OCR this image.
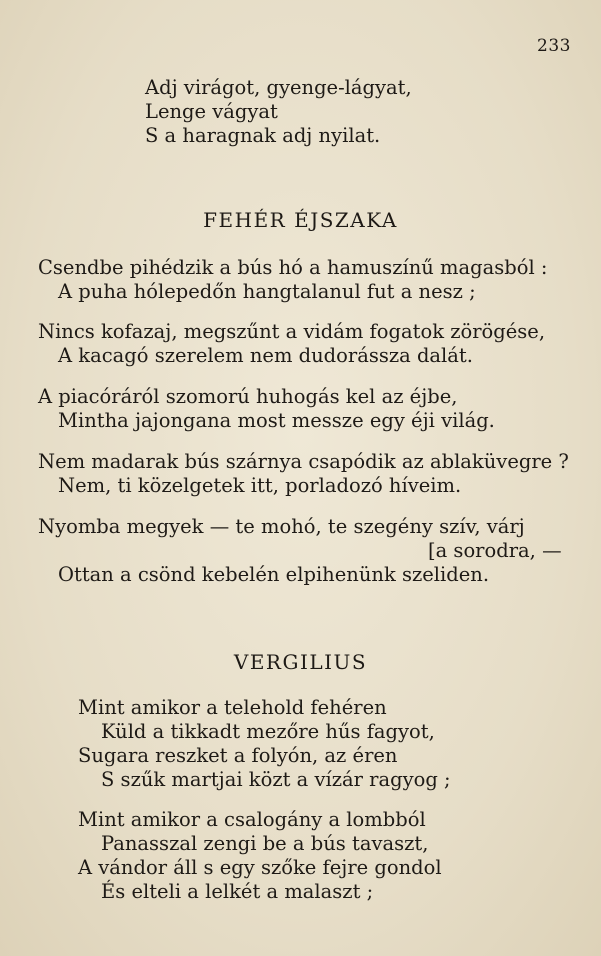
233
Adj virágot, gyenge-lágyat,
Lenge vágyat
S a haragnak adj nyilat.
FEHÉR ÉJSZAKA
Csendbe pihédzik a bús hó a hamuszínű magasból :
A puha hólepedőn hangtalanul fut a nesz ;
Nincs kofazaj, megszűnt a vidám fogatok zörögése,
A kacagó szerelem nem dudorássza dalát.
A piacóráról szomorú huhogás kel az éjbe,
Mintha jajongana most messze egy éji világ.
Nem madarak bús szárnya csapódik az ablaküvegre ?
Nem, ti közelgetek itt, porladozó híveim.
Nyomba megyek — te mohó, te szegény szív, várj
[a sorodra, —
Ottan a csönd kebelén elpihenünk szeliden.
VERGILIUS
Mint amikor a telehold fehéren
Küld a tikkadt mezőre hűs fagyot,
Sugara reszket a folyón, az éren
S szűk martjai közt a vízár ragyog ;
Mint amikor a csalogány a lombból
Panasszal zengi be a bús tavaszt,
A vándor áll s egy szőke fejre gondol
És elteli a lelkét a malaszt ;
